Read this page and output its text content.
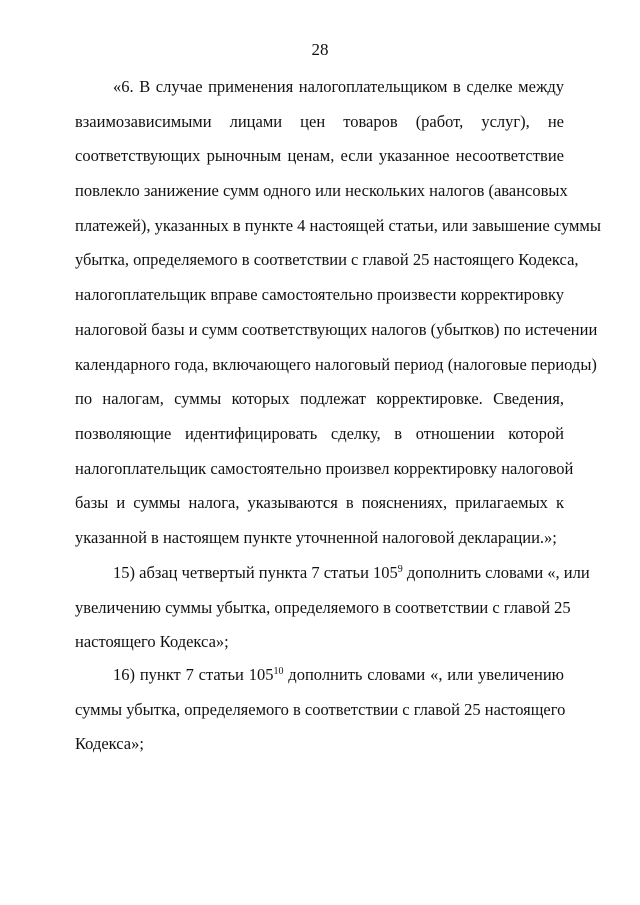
28
«6. В случае применения налогоплательщиком в сделке между
взаимозависимыми лицами цен товаров (работ, услуг), не
соответствующих рыночным ценам, если указанное несоответствие
повлекло занижение сумм одного или нескольких налогов (авансовых
платежей), указанных в пункте 4 настоящей статьи, или завышение суммы
убытка, определяемого в соответствии с главой 25 настоящего Кодекса,
налогоплательщик вправе самостоятельно произвести корректировку
налоговой базы и сумм соответствующих налогов (убытков) по истечении
календарного года, включающего налоговый период (налоговые периоды)
по налогам, суммы которых подлежат корректировке. Сведения,
позволяющие идентифицировать сделку, в отношении которой
налогоплательщик самостоятельно произвел корректировку налоговой
базы и суммы налога, указываются в пояснениях, прилагаемых к
указанной в настоящем пункте уточненной налоговой декларации.»;
15) абзац четвертый пункта 7 статьи $105^9$ дополнить словами «, или
увеличению суммы убытка, определяемого в соответствии с главой 25
настоящего Кодекса»;
16) пункт 7 статьи $105^{10}$ дополнить словами «, или увеличению
суммы убытка, определяемого в соответствии с главой 25 настоящего
Кодекса»;
